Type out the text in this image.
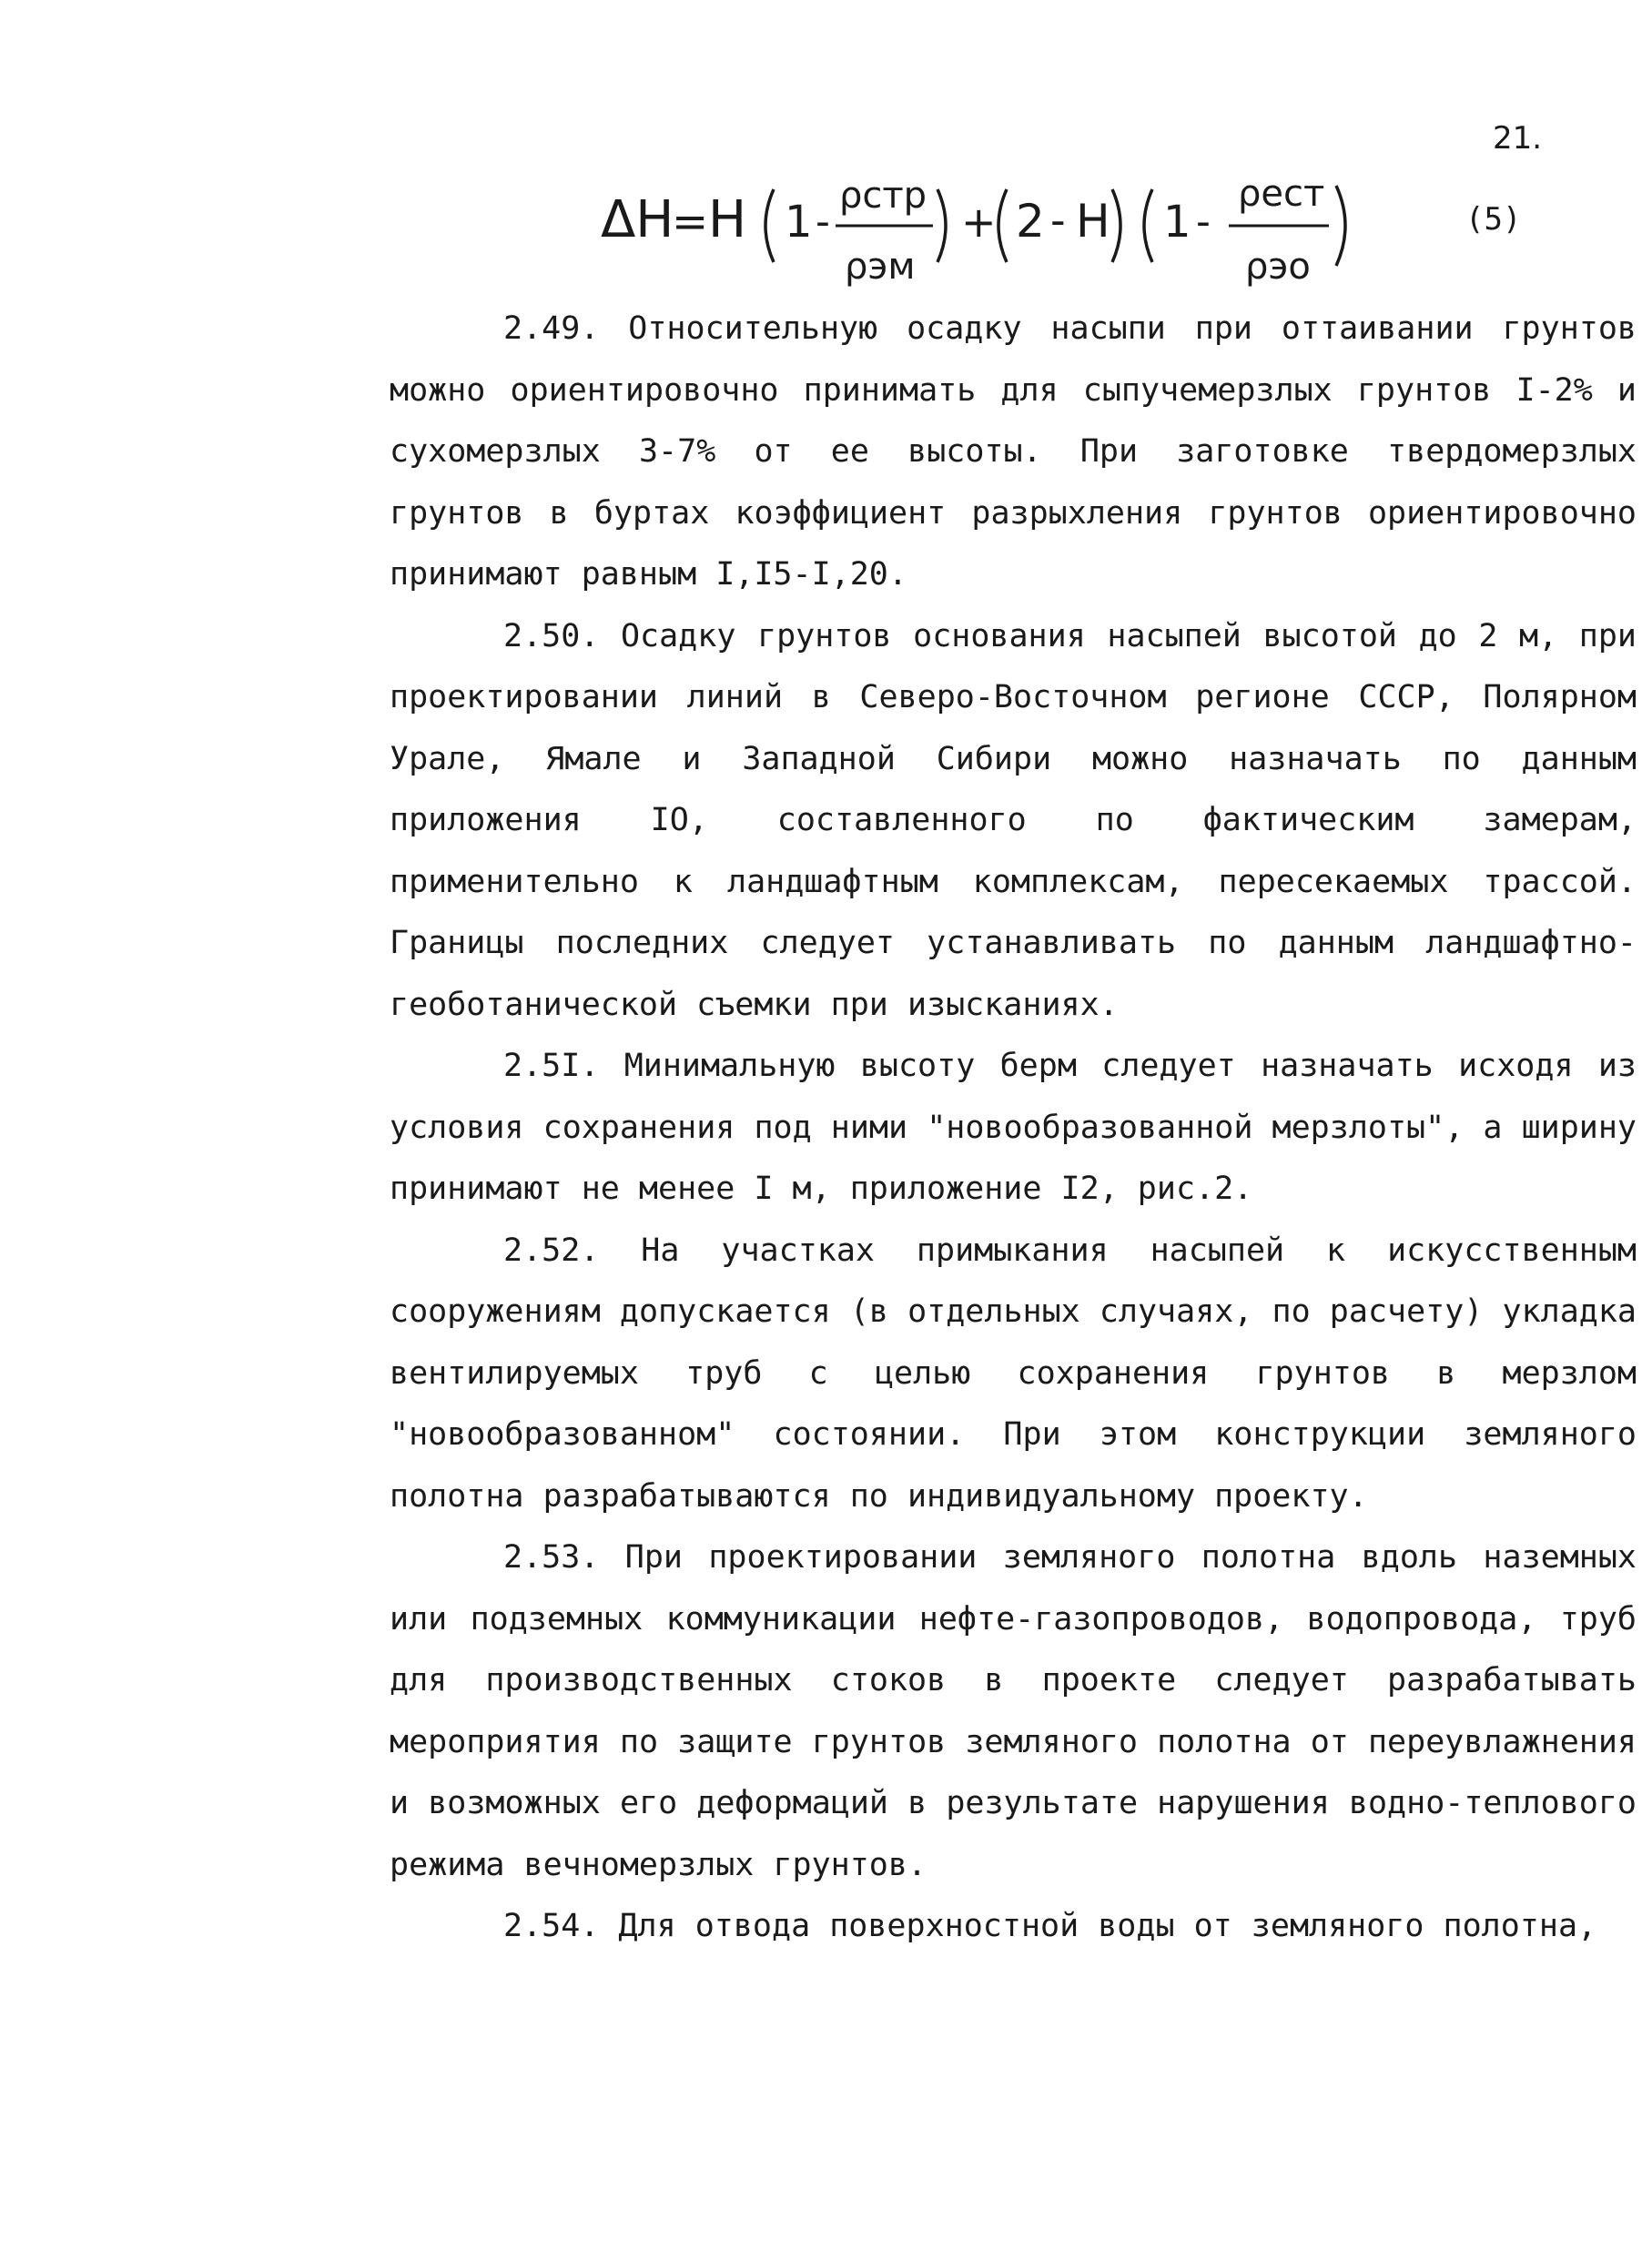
21.
ΔH
= H 1 -
ρстр
ρэм
+ 2 - H 1 -
ρест
ρэо
(5)

2.49. Относительную осадку насыпи при оттаивании грунтов можно ориентировочно принимать для сыпучемерзлых грунтов I-2% и сухомерзлых 3-7% от ее высоты. При заготовке твердомерзлых грунтов в буртах коэффициент разрыхления грунтов ориентировочно принимают равным I,I5-I,20.

2.50. Осадку грунтов основания насыпей высотой до 2 м, при проектировании линий в Северо-Восточном регионе СССР, Полярном Урале, Ямале и Западной Сибири можно назначать по данным приложения IO, составленного по фактическим замерам, применительно к ландшафтным комплексам, пересекаемых трассой. Границы последних следует устанавливать по данным ландшафтно-геоботанической съемки при изысканиях.

2.5I. Минимальную высоту берм следует назначать исходя из условия сохранения под ними "новообразованной мерзлоты", а ширину принимают не менее I м, приложение I2, рис.2.

2.52. На участках примыкания насыпей к искусственным сооружениям допускается (в отдельных случаях, по расчету) укладка вентилируемых труб с целью сохранения грунтов в мерзлом "новообразованном" состоянии. При этом конструкции земляного полотна разрабатываются по индивидуальному проекту.

2.53. При проектировании земляного полотна вдоль наземных или подземных коммуникации нефте-газопроводов, водопровода, труб для производственных стоков в проекте следует разрабатывать мероприятия по защите грунтов земляного полотна от переувлажнения и возможных его деформаций в результате нарушения водно-теплового режима вечномерзлых грунтов.

2.54. Для отвода поверхностной воды от земляного полотна,
